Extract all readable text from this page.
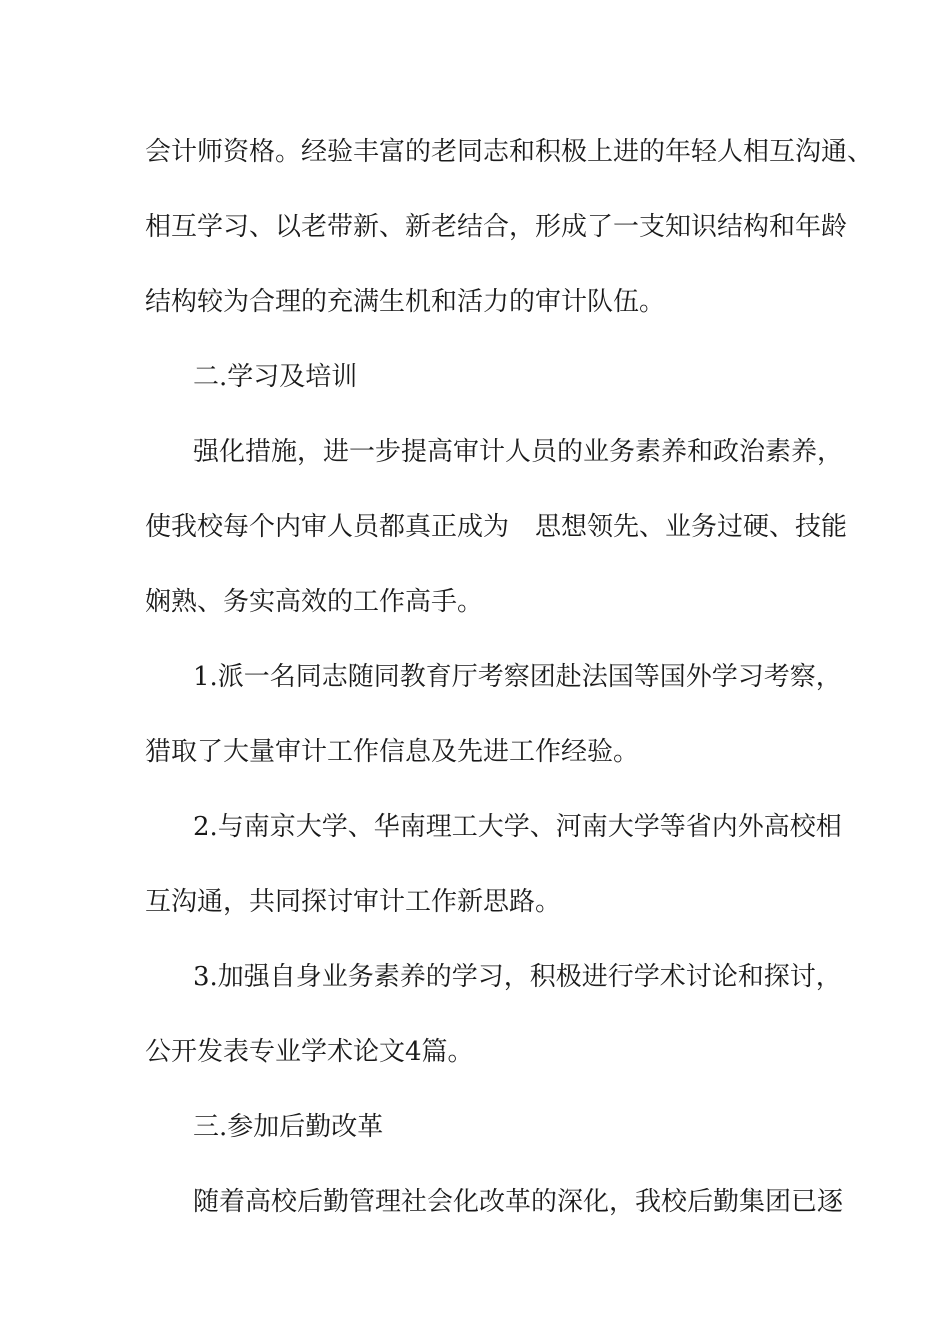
会计师资格。经验丰富的老同志和积极上进的年轻人相互沟通、
相互学习、以老带新、新老结合，形成了一支知识结构和年龄
结构较为合理的充满生机和活力的审计队伍。
二.学习及培训
强化措施，进一步提高审计人员的业务素养和政治素养，
使我校每个内审人员都真正成为　思想领先、业务过硬、技能
娴熟、务实高效的工作高手。
1.派一名同志随同教育厅考察团赴法国等国外学习考察，
猎取了大量审计工作信息及先进工作经验。
2.与南京大学、华南理工大学、河南大学等省内外高校相
互沟通，共同探讨审计工作新思路。
3.加强自身业务素养的学习，积极进行学术讨论和探讨，
公开发表专业学术论文4篇。
三.参加后勤改革
随着高校后勤管理社会化改革的深化，我校后勤集团已逐
